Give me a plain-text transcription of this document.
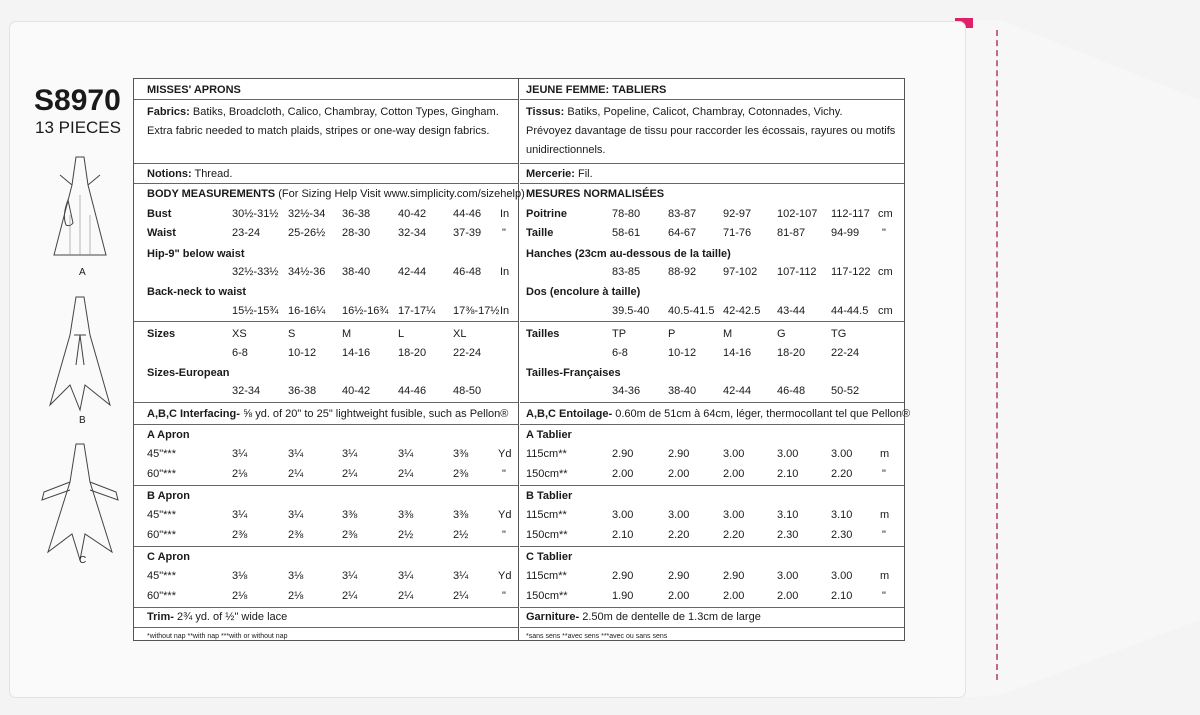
S8970
13 PIECES
A
B
C
MISSES' APRONS
Fabrics: Batiks, Broadcloth, Calico, Chambray, Cotton Types, Gingham.
Extra fabric needed to match plaids, stripes or one-way design fabrics.
Notions: Thread.
BODY MEASUREMENTS (For Sizing Help Visit www.simplicity.com/sizehelp)
Bust	30½-31½ 32½-34 36-38	40-42 44-46 In
Waist	23-24	25-26½ 28-30	32-34 37-39 "
Hip-9" below waist
32½-33½ 34½-36 38-40	42-44 46-48 In
Back-neck to waist
15½-15¾ 16-16¼ 16½-16¾ 17-17¼ 17⅜-17½ In
Sizes	XS	S	M	L	XL
6-8	10-12 14-16	18-20 22-24
Sizes-European
32-34	36-38 40-42	44-46 48-50
A,B,C Interfacing- ⅝ yd. of 20" to 25" lightweight fusible, such as Pellon®
A Apron
45"***	3¼	3¼	3¼	3¼	3⅜	Yd
60"***	2⅛	2¼	2¼	2¼	2⅜	"
B Apron
45"***	3¼	3¼	3⅜	3⅜	3⅜	Yd
60"***	2⅜	2⅜	2⅜	2½	2½	"
C Apron
45"***	3⅛	3⅛	3¼	3¼	3¼	Yd
60"***	2⅛	2⅛	2¼	2¼	2¼	"
Trim- 2¾ yd. of ½" wide lace
*without nap **with nap ***with or without nap
JEUNE FEMME: TABLIERS
Tissus: Batiks, Popeline, Calicot, Chambray, Cotonnades, Vichy.
Prévoyez davantage de tissu pour raccorder les écossais, rayures ou motifs
unidirectionnels.
Mercerie: Fil.
MESURES NORMALISÉES
Poitrine	78-80	83-87 92-97 102-107 112-117 cm
Taille	58-61	64-67 71-76 81-87 94-99 "
Hanches (23cm au-dessous de la taille)
83-85	88-92 97-102 107-112 117-122 cm
Dos (encolure à taille)
39.5-40 40.5-41.5 42-42.5 43-44 44-44.5 cm
Tailles	TP	P	M	G	TG
6-8	10-12 14-16 18-20 22-24
Tailles-Françaises
34-36	38-40 42-44 46-48 50-52
A,B,C Entoilage- 0.60m de 51cm à 64cm, léger, thermocollant tel que Pellon®
A Tablier
115cm**	2.90	2.90	3.00	3.00	3.00	m
150cm**	2.00	2.00	2.00	2.10	2.20	"
B Tablier
115cm**	3.00	3.00	3.00	3.10	3.10	m
150cm**	2.10	2.20	2.20	2.30	2.30	"
C Tablier
115cm**	2.90	2.90	2.90	3.00	3.00	m
150cm**	1.90	2.00	2.00	2.00	2.10	"
Garniture- 2.50m de dentelle de 1.3cm de large
*sans sens **avec sens ***avec ou sans sens
